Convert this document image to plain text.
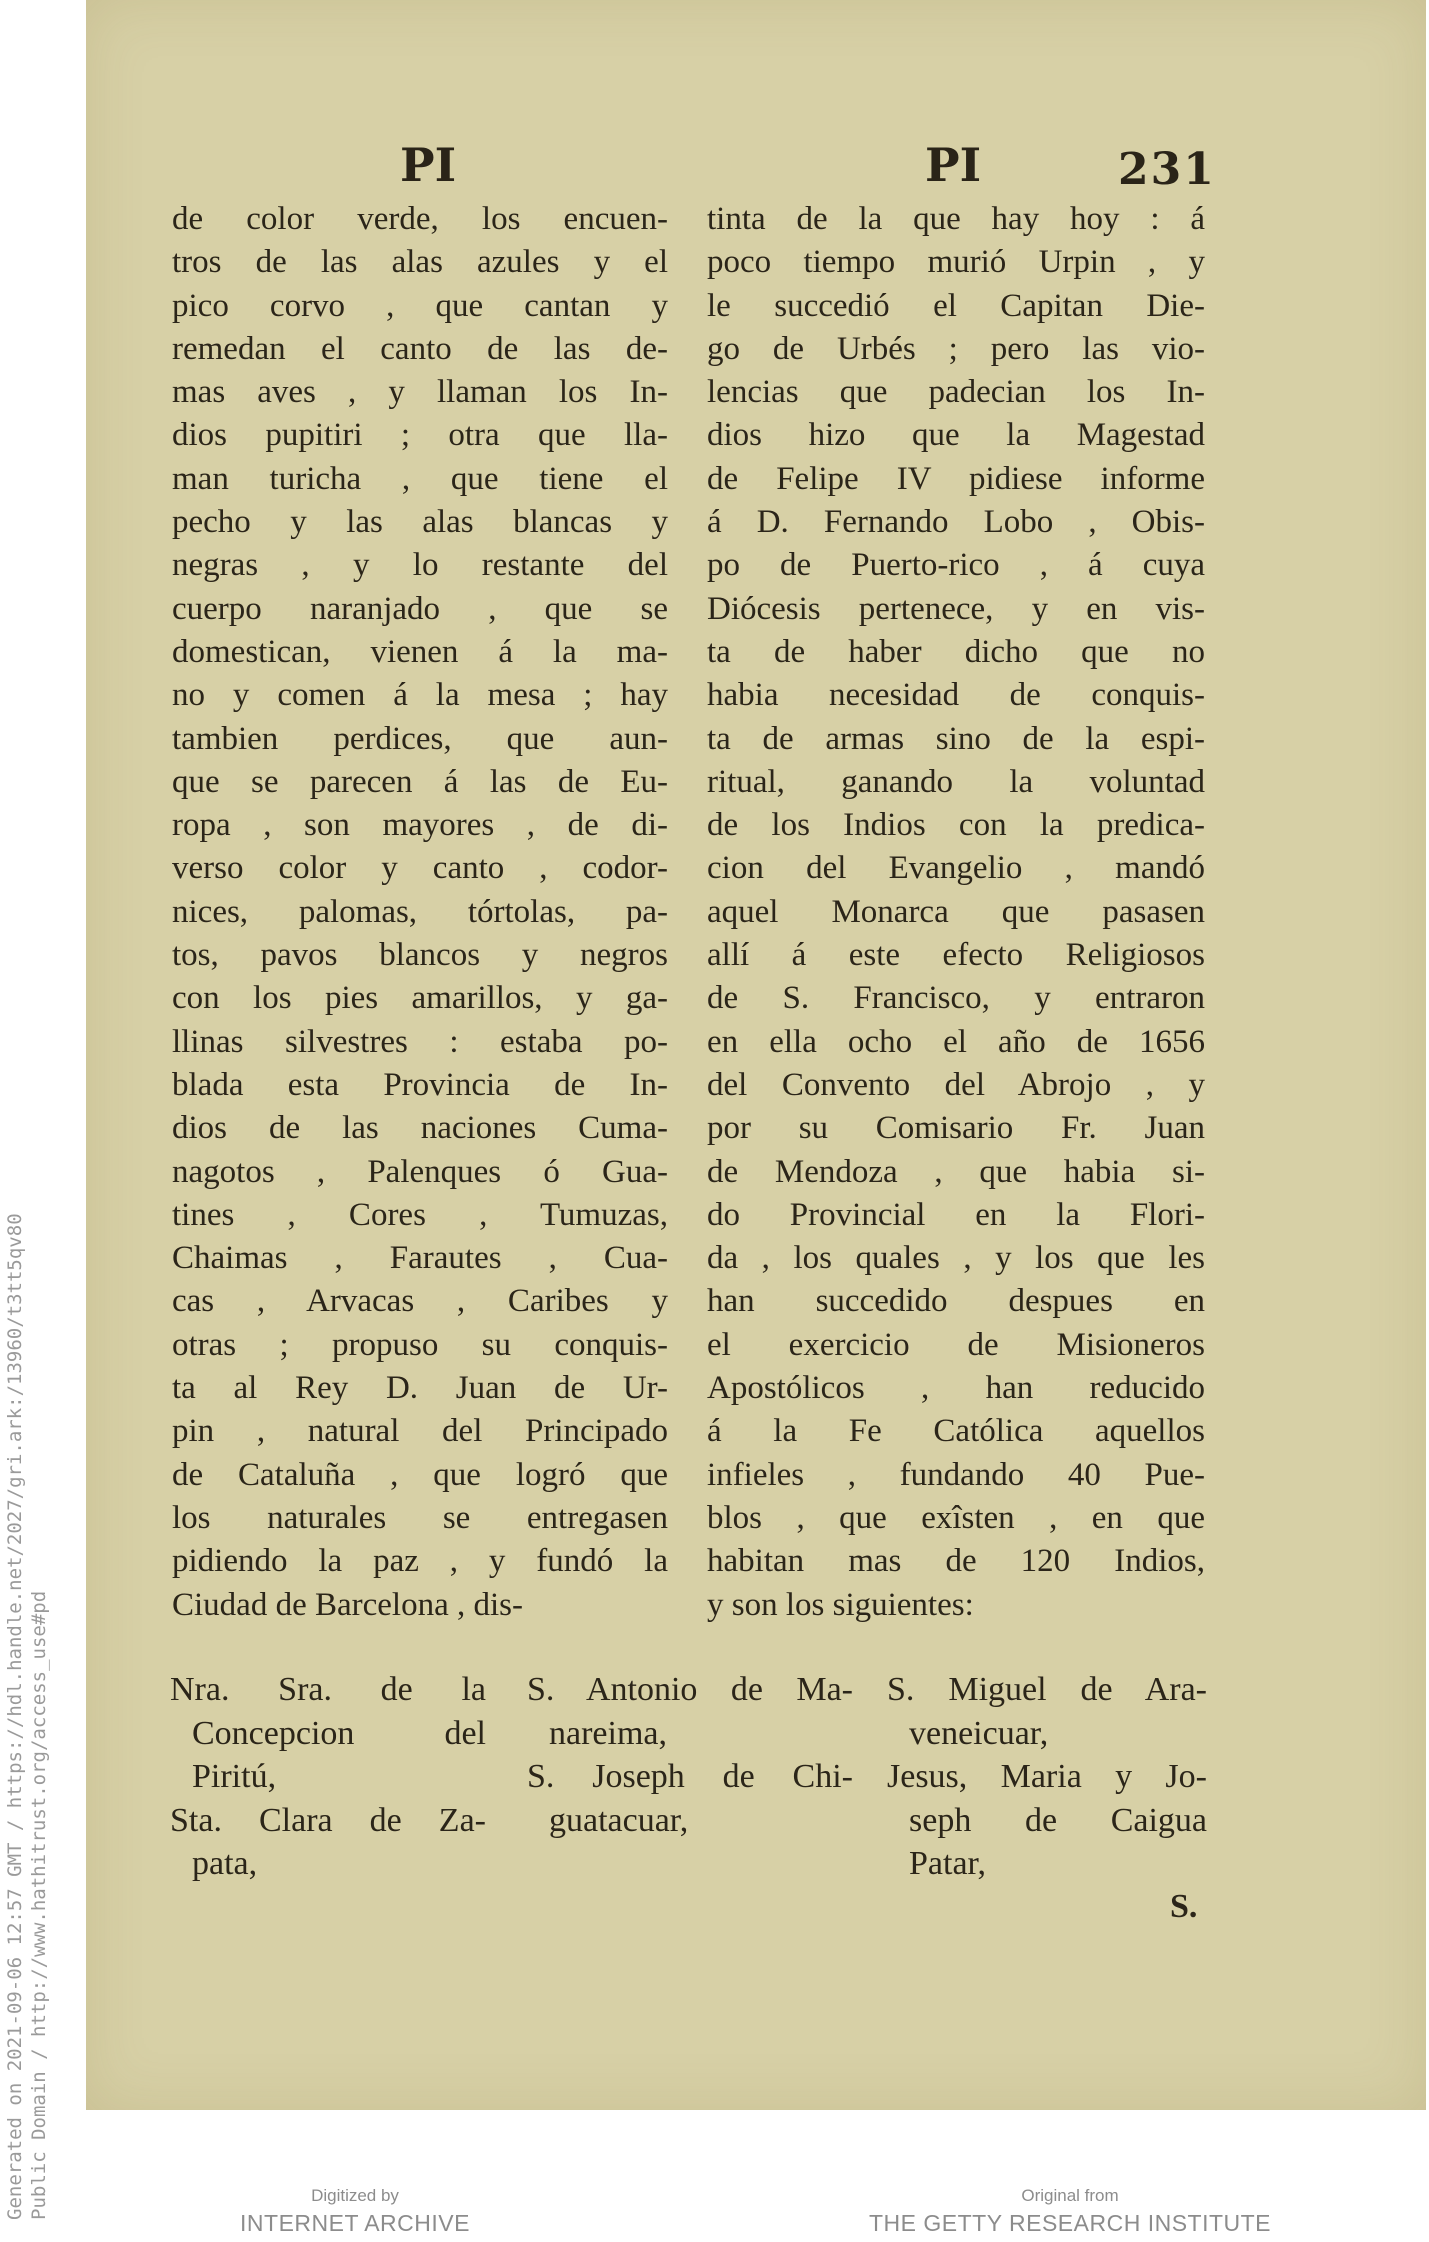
Generated on 2021-09-06 12:57 GMT / https://hdl.handle.net/2027/gri.ark:/13960/t3tt5qv80 Public Domain / http://www.hathitrust.org/access_use#pd
PI	PI	231
de color verde, los encuen-
tros de las alas azules y el
pico corvo , que cantan y
remedan el canto de las de-
mas aves , y llaman los In-
dios pupitiri ; otra que lla-
man turicha , que tiene el
pecho y las alas blancas y
negras , y lo restante del
cuerpo naranjado , que se
domestican, vienen á la ma-
no y comen á la mesa ; hay
tambien perdices, que aun-
que se parecen á las de Eu-
ropa , son mayores , de di-
verso color y canto , codor-
nices, palomas, tórtolas, pa-
tos, pavos blancos y negros
con los pies amarillos, y ga-
llinas silvestres : estaba po-
blada esta Provincia de In-
dios de las naciones Cuma-
nagotos , Palenques ó Gua-
tines , Cores , Tumuzas,
Chaimas , Farautes , Cua-
cas , Arvacas , Caribes y
otras ; propuso su conquis-
ta al Rey D. Juan de Ur-
pin , natural del Principado
de Cataluña , que logró que
los naturales se entregasen
pidiendo la paz , y fundó la
Ciudad de Barcelona , dis-
tinta de la que hay hoy : á
poco tiempo murió Urpin , y
le succedió el Capitan Die-
go de Urbés ; pero las vio-
lencias que padecian los In-
dios hizo que la Magestad
de Felipe IV pidiese informe
á D. Fernando Lobo , Obis-
po de Puerto-rico , á cuya
Diócesis pertenece, y en vis-
ta de haber dicho que no
habia necesidad de conquis-
ta de armas sino de la espi-
ritual, ganando la voluntad
de los Indios con la predica-
cion del Evangelio , mandó
aquel Monarca que pasasen
allí á este efecto Religiosos
de S. Francisco, y entraron
en ella ocho el año de 1656
del Convento del Abrojo , y
por su Comisario Fr. Juan
de Mendoza , que habia si-
do Provincial en la Flori-
da , los quales , y los que les
han succedido despues en
el exercicio de Misioneros
Apostólicos , han reducido
á la Fe Católica aquellos
infieles , fundando 40 Pue-
blos , que exîsten , en que
habitan mas de 120 Indios,
y son los siguientes:
Nra. Sra. de la
Concepcion del
Piritú,
Sta. Clara de Za-
pata,
S. Antonio de Ma-
nareima,
S. Joseph de Chi-
guatacuar,
S. Miguel de Ara-
veneicuar,
Jesus, Maria y Jo-
seph de Caigua
Patar,
S.
Digitized by
INTERNET ARCHIVE
Original from
THE GETTY RESEARCH INSTITUTE
